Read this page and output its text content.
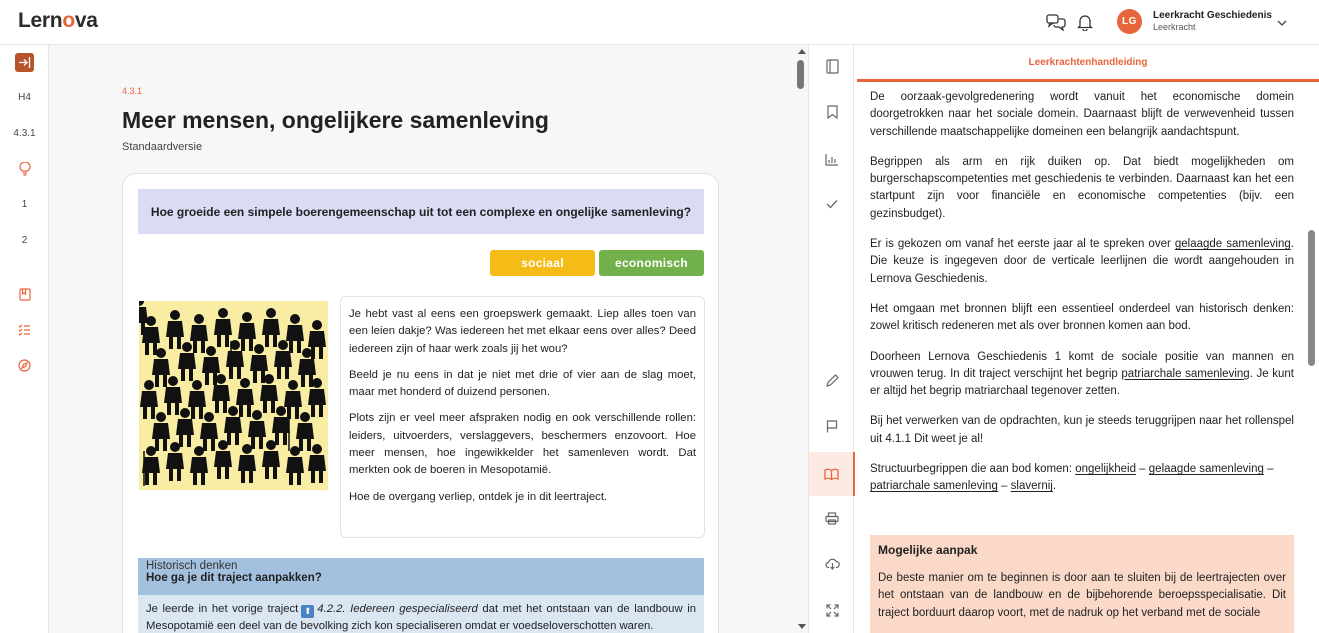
Lernova	LG
Leerkracht Geschiedenis
Leerkracht
H4
4.3.1
1
2
4.3.1
Meer mensen, ongelijkere samenleving
Standaardversie
Hoe groeide een simpele boerengemeenschap uit tot een complexe en ongelijke samenleving?
sociaal	economisch

Je hebt vast al eens een groepswerk gemaakt. Liep alles toen van een leien dakje? Was iedereen het met elkaar eens over alles? Deed iedereen zijn of haar werk zoals jij het wou?

Beeld je nu eens in dat je niet met drie of vier aan de slag moet, maar met honderd of duizend personen.

Plots zijn er veel meer afspraken nodig en ook verschillende rollen: leiders, uitvoerders, verslaggevers, beschermers enzovoort. Hoe meer mensen, hoe ingewikkelder het samenleven wordt. Dat merkten ook de boeren in Mesopotamië.

Hoe de overgang verliep, ontdek je in dit leertraject.

Historisch denken
Hoe ga je dit traject aanpakken?
Je leerde in het vorige traject ⬆ 4.2.2. Iedereen gespecialiseerd dat met het ontstaan van de landbouw in Mesopotamië een deel van de bevolking zich kon specialiseren omdat er voedseloverschotten waren.
Leerkrachtenhandleiding

De oorzaak-gevolgredenering wordt vanuit het economische domein doorgetrokken naar het sociale domein. Daarnaast blijft de verwevenheid tussen verschillende maatschappelijke domeinen een belangrijk aandachtspunt.

Begrippen als arm en rijk duiken op. Dat biedt mogelijkheden om burgerschapscompetenties met geschiedenis te verbinden. Daarnaast kan het een startpunt zijn voor financiële en economische competenties (bijv. een gezinsbudget).

Er is gekozen om vanaf het eerste jaar al te spreken over gelaagde samenleving. Die keuze is ingegeven door de verticale leerlijnen die wordt aangehouden in Lernova Geschiedenis.

Het omgaan met bronnen blijft een essentieel onderdeel van historisch denken: zowel kritisch redeneren met als over bronnen komen aan bod.

Doorheen Lernova Geschiedenis 1 komt de sociale positie van mannen en vrouwen terug. In dit traject verschijnt het begrip patriarchale samenleving. Je kunt er altijd het begrip matriarchaal tegenover zetten.

Bij het verwerken van de opdrachten, kun je steeds teruggrijpen naar het rollenspel uit 4.1.1 Dit weet je al!

Structuurbegrippen die aan bod komen: ongelijkheid – gelaagde samenleving – patriarchale samenleving – slavernij.

Mogelijke aanpak
De beste manier om te beginnen is door aan te sluiten bij de leertrajecten over het ontstaan van de landbouw en de bijbehorende beroepsspecialisatie. Dit traject borduurt daarop voort, met de nadruk op het verband met de sociale
